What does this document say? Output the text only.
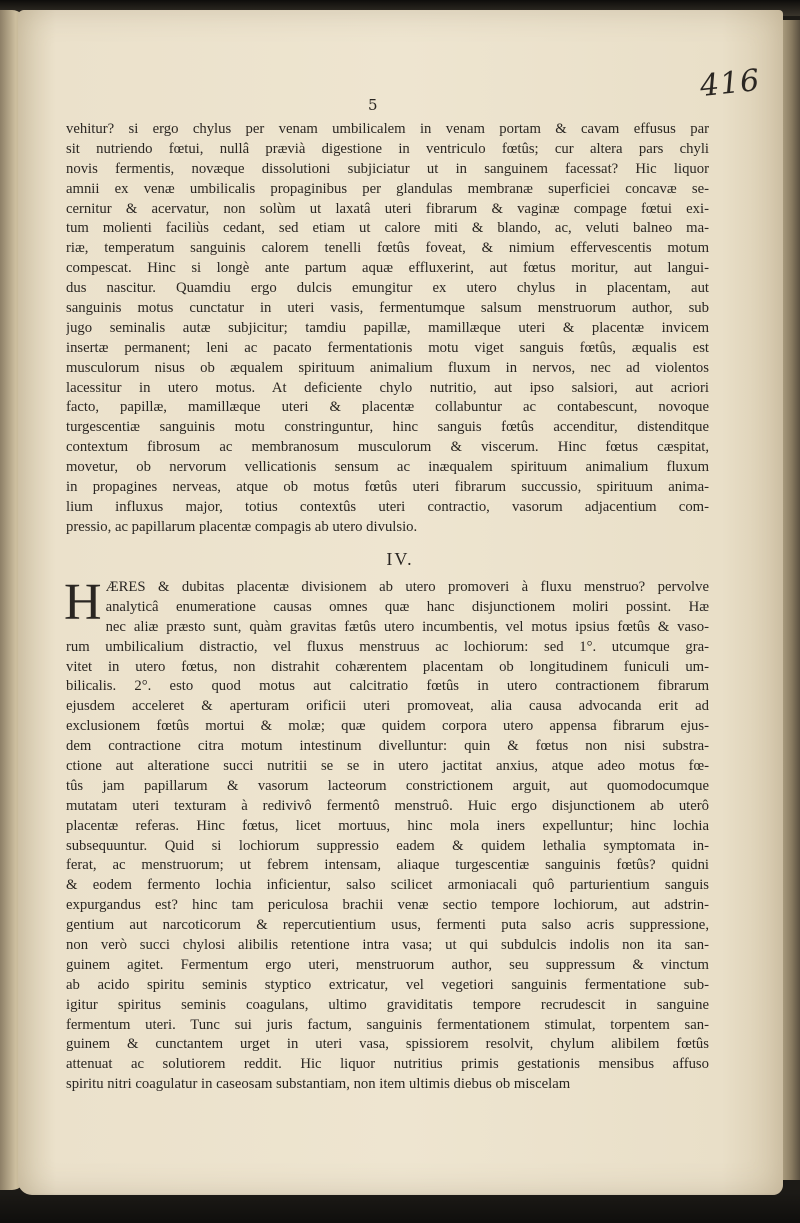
416
5
vehitur? si ergo chylus per venam umbilicalem in venam portam & cavam effusus par
sit nutriendo fœtui, nullâ prævià digestione in ventriculo fœtûs; cur altera pars chyli
novis fermentis, novæque dissolutioni subjiciatur ut in sanguinem facessat? Hic liquor
amnii ex venæ umbilicalis propaginibus per glandulas membranæ superficiei concavæ se-
cernitur & acervatur, non solùm ut laxatâ uteri fibrarum & vaginæ compage fœtui exi-
tum molienti faciliùs cedant, sed etiam ut calore miti & blando, ac, veluti balneo ma-
riæ, temperatum sanguinis calorem tenelli fœtûs foveat, & nimium effervescentis motum
compescat. Hinc si longè ante partum aquæ effluxerint, aut fœtus moritur, aut langui-
dus nascitur. Quamdiu ergo dulcis emungitur ex utero chylus in placentam, aut
sanguinis motus cunctatur in uteri vasis, fermentumque salsum menstruorum author, sub
jugo seminalis autæ subjicitur; tamdiu papillæ, mamillæque uteri & placentæ invicem
insertæ permanent; leni ac pacato fermentationis motu viget sanguis fœtûs, æqualis est
musculorum nisus ob æqualem spirituum animalium fluxum in nervos, nec ad violentos
lacessitur in utero motus. At deficiente chylo nutritio, aut ipso salsiori, aut acriori
facto, papillæ, mamillæque uteri & placentæ collabuntur ac contabescunt, novoque
turgescentiæ sanguinis motu constringuntur, hinc sanguis fœtûs accenditur, distenditque
contextum fibrosum ac membranosum musculorum & viscerum. Hinc fœtus cæspitat,
movetur, ob nervorum vellicationis sensum ac inæqualem spirituum animalium fluxum
in propagines nerveas, atque ob motus fœtûs uteri fibrarum succussio, spirituum anima-
lium influxus major, totius contextûs uteri contractio, vasorum adjacentium com-
pressio, ac papillarum placentæ compagis ab utero divulsio.
IV.
H ÆRES & dubitas placentæ divisionem ab utero promoveri à fluxu menstruo? pervolve
analyticâ enumeratione causas omnes quæ hanc disjunctionem moliri possint. Hæ
nec aliæ præsto sunt, quàm gravitas fætûs utero incumbentis, vel motus ipsius fœtûs & vaso-
rum umbilicalium distractio, vel fluxus menstruus ac lochiorum: sed 1°. utcumque gra-
vitet in utero fœtus, non distrahit cohærentem placentam ob longitudinem funiculi um-
bilicalis. 2°. esto quod motus aut calcitratio fœtûs in utero contractionem fibrarum
ejusdem acceleret & aperturam orificii uteri promoveat, alia causa advocanda erit ad
exclusionem fœtûs mortui & molæ; quæ quidem corpora utero appensa fibrarum ejus-
dem contractione citra motum intestinum divelluntur: quin & fœtus non nisi substra-
ctione aut alteratione succi nutritii se se in utero jactitat anxius, atque adeo motus fœ-
tûs jam papillarum & vasorum lacteorum constrictionem arguit, aut quomodocumque
mutatam uteri texturam à redivivô fermentô menstruô. Huic ergo disjunctionem ab uterô
placentæ referas. Hinc fœtus, licet mortuus, hinc mola iners expelluntur; hinc lochia
subsequuntur. Quid si lochiorum suppressio eadem & quidem lethalia symptomata in-
ferat, ac menstruorum; ut febrem intensam, aliaque turgescentiæ sanguinis fœtûs? quidni
& eodem fermento lochia inficientur, salso scilicet armoniacali quô parturientium sanguis
expurgandus est? hinc tam periculosa brachii venæ sectio tempore lochiorum, aut adstrin-
gentium aut narcoticorum & repercutientium usus, fermenti puta salso acris suppressione,
non verò succi chylosi alibilis retentione intra vasa; ut qui subdulcis indolis non ita san-
guinem agitet. Fermentum ergo uteri, menstruorum author, seu suppressum & vinctum
ab acido spiritu seminis styptico extricatur, vel vegetiori sanguinis fermentatione sub-
igitur spiritus seminis coagulans, ultimo graviditatis tempore recrudescit in sanguine
fermentum uteri. Tunc sui juris factum, sanguinis fermentationem stimulat, torpentem san-
guinem & cunctantem urget in uteri vasa, spissiorem resolvit, chylum alibilem fœtûs
attenuat ac solutiorem reddit. Hic liquor nutritius primis gestationis mensibus affuso
spiritu nitri coagulatur in caseosam substantiam, non item ultimis diebus ob miscelam
